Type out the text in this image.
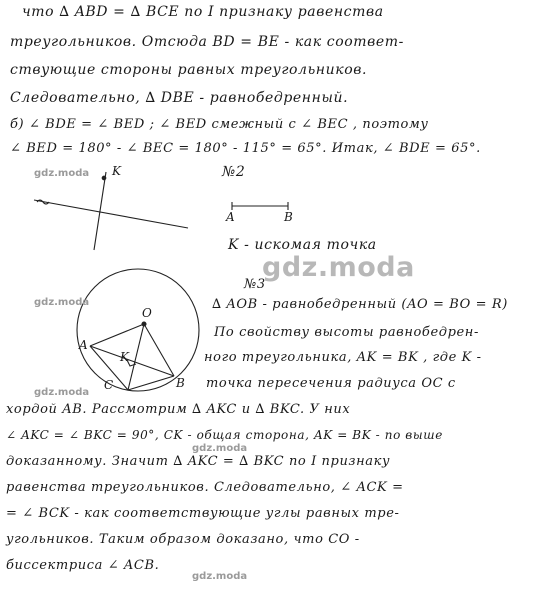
что ∆ ABD = ∆ BCE по Ⅰ признаку равенства
треугольников. Отсюда BD = BE - как соответ-
ствующие стороны равных треугольников.
Следовательно, ∆ DBE - равнобедренный.
б) ∠ BDE = ∠ BED ; ∠ BED смежный с ∠ BEC , поэтому
∠ BED = 180° - ∠ BEC = 180° - 115° = 65°. Итак, ∠ BDE = 65°.
№2
K - искомая точка
№3
∆ AOB - равнобедренный (AO = BO = R)
По свойству высоты равнобедрен-
ного треугольника, AK = BK , где K -
точка пересечения радиуса OC с
хордой AB. Рассмотрим ∆ AKC и ∆ BKC. У них
∠ AKC = ∠ BKC = 90°, CK - общая сторона, AK = BK - по выше
доказанному. Значит ∆ AKC = ∆ BKC по Ⅰ признаку
равенства треугольников. Следовательно, ∠ ACK =
= ∠ BCK - как соответствующие углы равных тре-
угольников. Таким образом доказано, что CO -
биссектриса ∠ ACB.
K
A	B
O
A
K
B
C
gdz.moda
gdz.moda
gdz.moda
gdz.moda
gdz.moda
gdz.moda
